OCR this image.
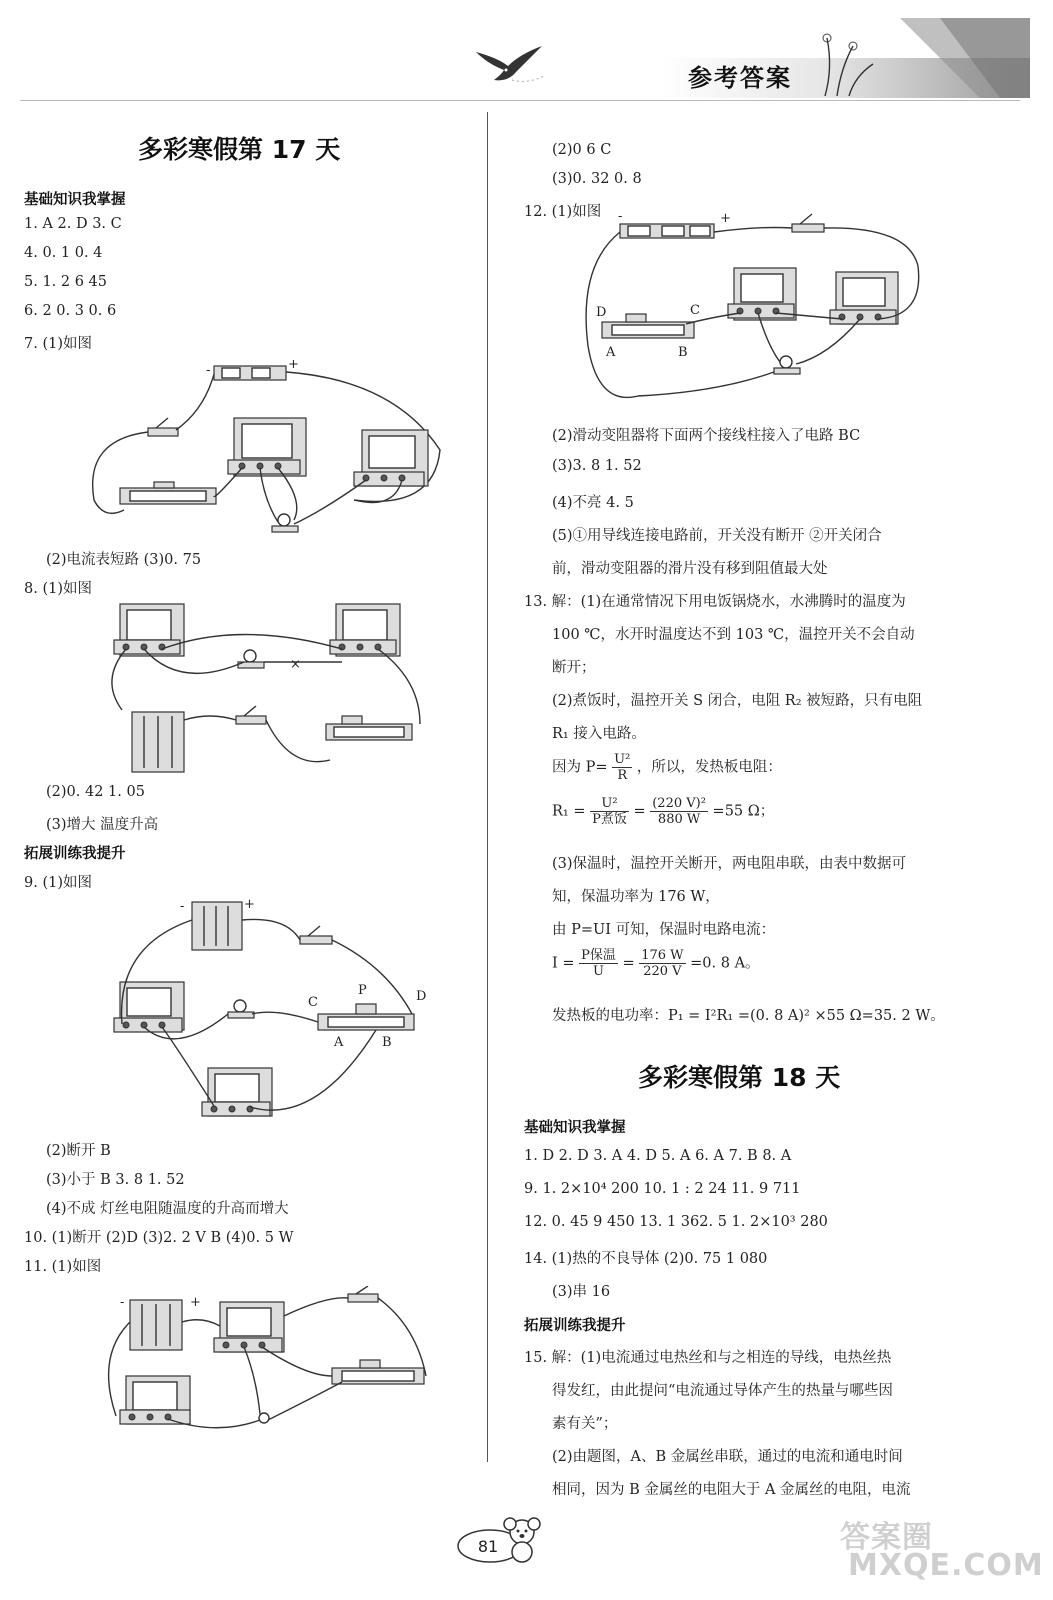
参考答案
多彩寒假第 17 天
基础知识我掌握
1. A 2. D 3. C
4. 0. 1 0. 4
5. 1. 2 6 45
6. 2 0. 3 0. 6
7. (1)如图
-	+
(2)电流表短路 (3)0. 75
8. (1)如图
×
(2)0. 42 1. 05
(3)增大 温度升高
拓展训练我提升
9. (1)如图
-	+
C
P	D
A	B
(2)断开 B
(3)小于 B 3. 8 1. 52
(4)不成 灯丝电阻随温度的升高而增大
10. (1)断开 (2)D (3)2. 2 V B (4)0. 5 W
11. (1)如图
-	+
(2)0 6 C
(3)0. 32 0. 8
12. (1)如图 -	+
D	C
A	B
(2)滑动变阻器将下面两个接线柱接入了电路 BC
(3)3. 8 1. 52
(4)不亮 4. 5
(5)①用导线连接电路前，开关没有断开 ②开关闭合
前，滑动变阻器的滑片没有移到阻值最大处
13. 解：(1)在通常情况下用电饭锅烧水，水沸腾时的温度为
100 ℃，水开时温度达不到 103 ℃，温控开关不会自动
断开；
(2)煮饭时，温控开关 S 闭合，电阻 R₂ 被短路，只有电阻
R₁ 接入电路。
因为 $P= \frac{\text{U²}}{R}$ ，所以，发热板电阻：
$R_1 = \frac{\text{U²}}{\text{P煮饭}} = \frac{\text{(220 V)²}}{880 W} =55$ Ω；
(3)保温时，温控开关断开，两电阻串联，由表中数据可
知，保温功率为 176 W，
由 P=UI 可知，保温时电路电流：
$I = \frac{\text{P保温}}{U} = \frac{176 W}{220 V} =0$. 8 A。
发热板的电功率：P₁ = I²R₁ =(0. 8 A)² ×55 Ω=35. 2 W。
多彩寒假第 18 天
基础知识我掌握
1. D 2. D 3. A 4. D 5. A 6. A 7. B 8. A
9. 1. 2×10⁴ 200 10. 1 : 2 24 11. 9 711
12. 0. 45 9 450 13. 1 362. 5 1. 2×10³ 280
14. (1)热的不良导体 (2)0. 75 1 080
(3)串 16
拓展训练我提升
15. 解：(1)电流通过电热丝和与之相连的导线，电热丝热
得发红，由此提问“电流通过导体产生的热量与哪些因
素有关”；
(2)由题图，A、B 金属丝串联，通过的电流和通电时间
相同，因为 B 金属丝的电阻大于 A 金属丝的电阻，电流
81	答案圈
MXQE.COM
